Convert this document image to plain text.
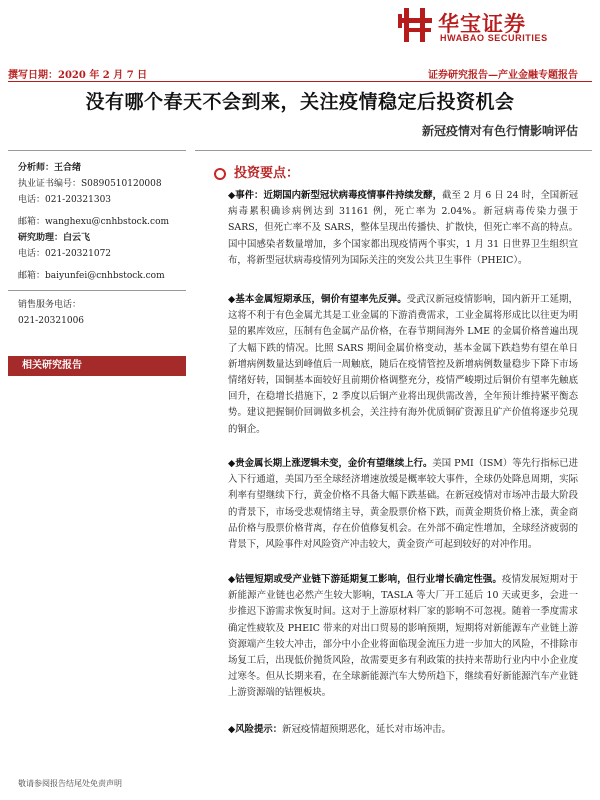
华宝证券
HWABAO SECURITIES
撰写日期：2020 年 2 月 7 日	证券研究报告—产业金融专题报告
没有哪个春天不会到来，关注疫情稳定后投资机会
新冠疫情对有色行情影响评估
分析师：王合绪
执业证书编号：S0890510120008
电话：021-20321303
邮箱：wanghexu@cnhbstock.com
研究助理：白云飞
电话：021-20321072
邮箱：baiyunfei@cnhbstock.com
销售服务电话：
021-20321006
相关研究报告
投资要点：
◆事件：近期国内新型冠状病毒疫情事件持续发酵，截至 2 月 6 日 24 时，全国新冠病毒累积确诊病例达到 31161 例，死亡率为 2.04%。新冠病毒传染力强于 SARS，但死亡率不及 SARS，整体呈现出传播快、扩散快，但死亡率不高的特点。国中国感染者数量增加，多个国家都出现疫情两个事实，1 月 31 日世界卫生组织宣布，将新型冠状病毒疫情列为国际关注的突发公共卫生事件（PHEIC）。
◆基本金属短期承压，铜价有望率先反弹。受武汉新冠疫情影响，国内新开工延期，这将不利于有色金属尤其是工业金属的下游消费需求，工业金属将形成比以往更为明显的累库效应，压制有色金属产品价格，在春节期间海外 LME 的金属价格普遍出现了大幅下跌的情况。比照 SARS 期间金属价格变动，基本金属下跌趋势有望在单日新增病例数量达到峰值后一周触底，随后在疫情管控及新增病例数量稳步下降下市场情绪好转，国铜基本面较好且前期价格调整充分，疫情严峻期过后铜价有望率先触底回升，在稳增长措施下，2 季度以后铜产业将出现供需改善，全年预计维持紧平衡态势。建议把握铜价回调做多机会，关注持有海外优质铜矿资源且矿产价值将逐步兑现的铜企。
◆贵金属长期上涨逻辑未变，金价有望继续上行。美国 PMI（ISM）等先行指标已进入下行通道，美国乃至全球经济增速放缓是概率较大事件，全球仍处降息周期，实际利率有望继续下行，黄金价格不具备大幅下跌基础。在新冠疫情对市场冲击最大阶段的背景下，市场受悲观情绪主导，黄金股票价格下跌，而黄金期货价格上涨，黄金商品价格与股票价格背离，存在价值修复机会。在外部不确定性增加，全球经济疲弱的背景下，风险事件对风险资产冲击较大，黄金资产可起到较好的对冲作用。
◆钴锂短期或受产业链下游延期复工影响，但行业增长确定性强。疫情发展短期对于新能源产业链也必然产生较大影响，TASLA 等大厂开工延后 10 天或更多，会进一步推迟下游需求恢复时间。这对于上游原材料厂家的影响不可忽视。随着一季度需求确定性疲软及 PHEIC 带来的对出口贸易的影响预期，短期将对新能源车产业链上游资源端产生较大冲击，部分中小企业将面临现金流压力进一步加大的风险，不排除市场复工后，出现低价抛货风险，故需要更多有利政策的扶持来帮助行业内中小企业度过寒冬。但从长期来看，在全球新能源汽车大势所趋下，继续看好新能源汽车产业链上游资源端的钴锂板块。
◆风险提示：新冠疫情超预期恶化，延长对市场冲击。
敬请参阅报告结尾处免责声明
